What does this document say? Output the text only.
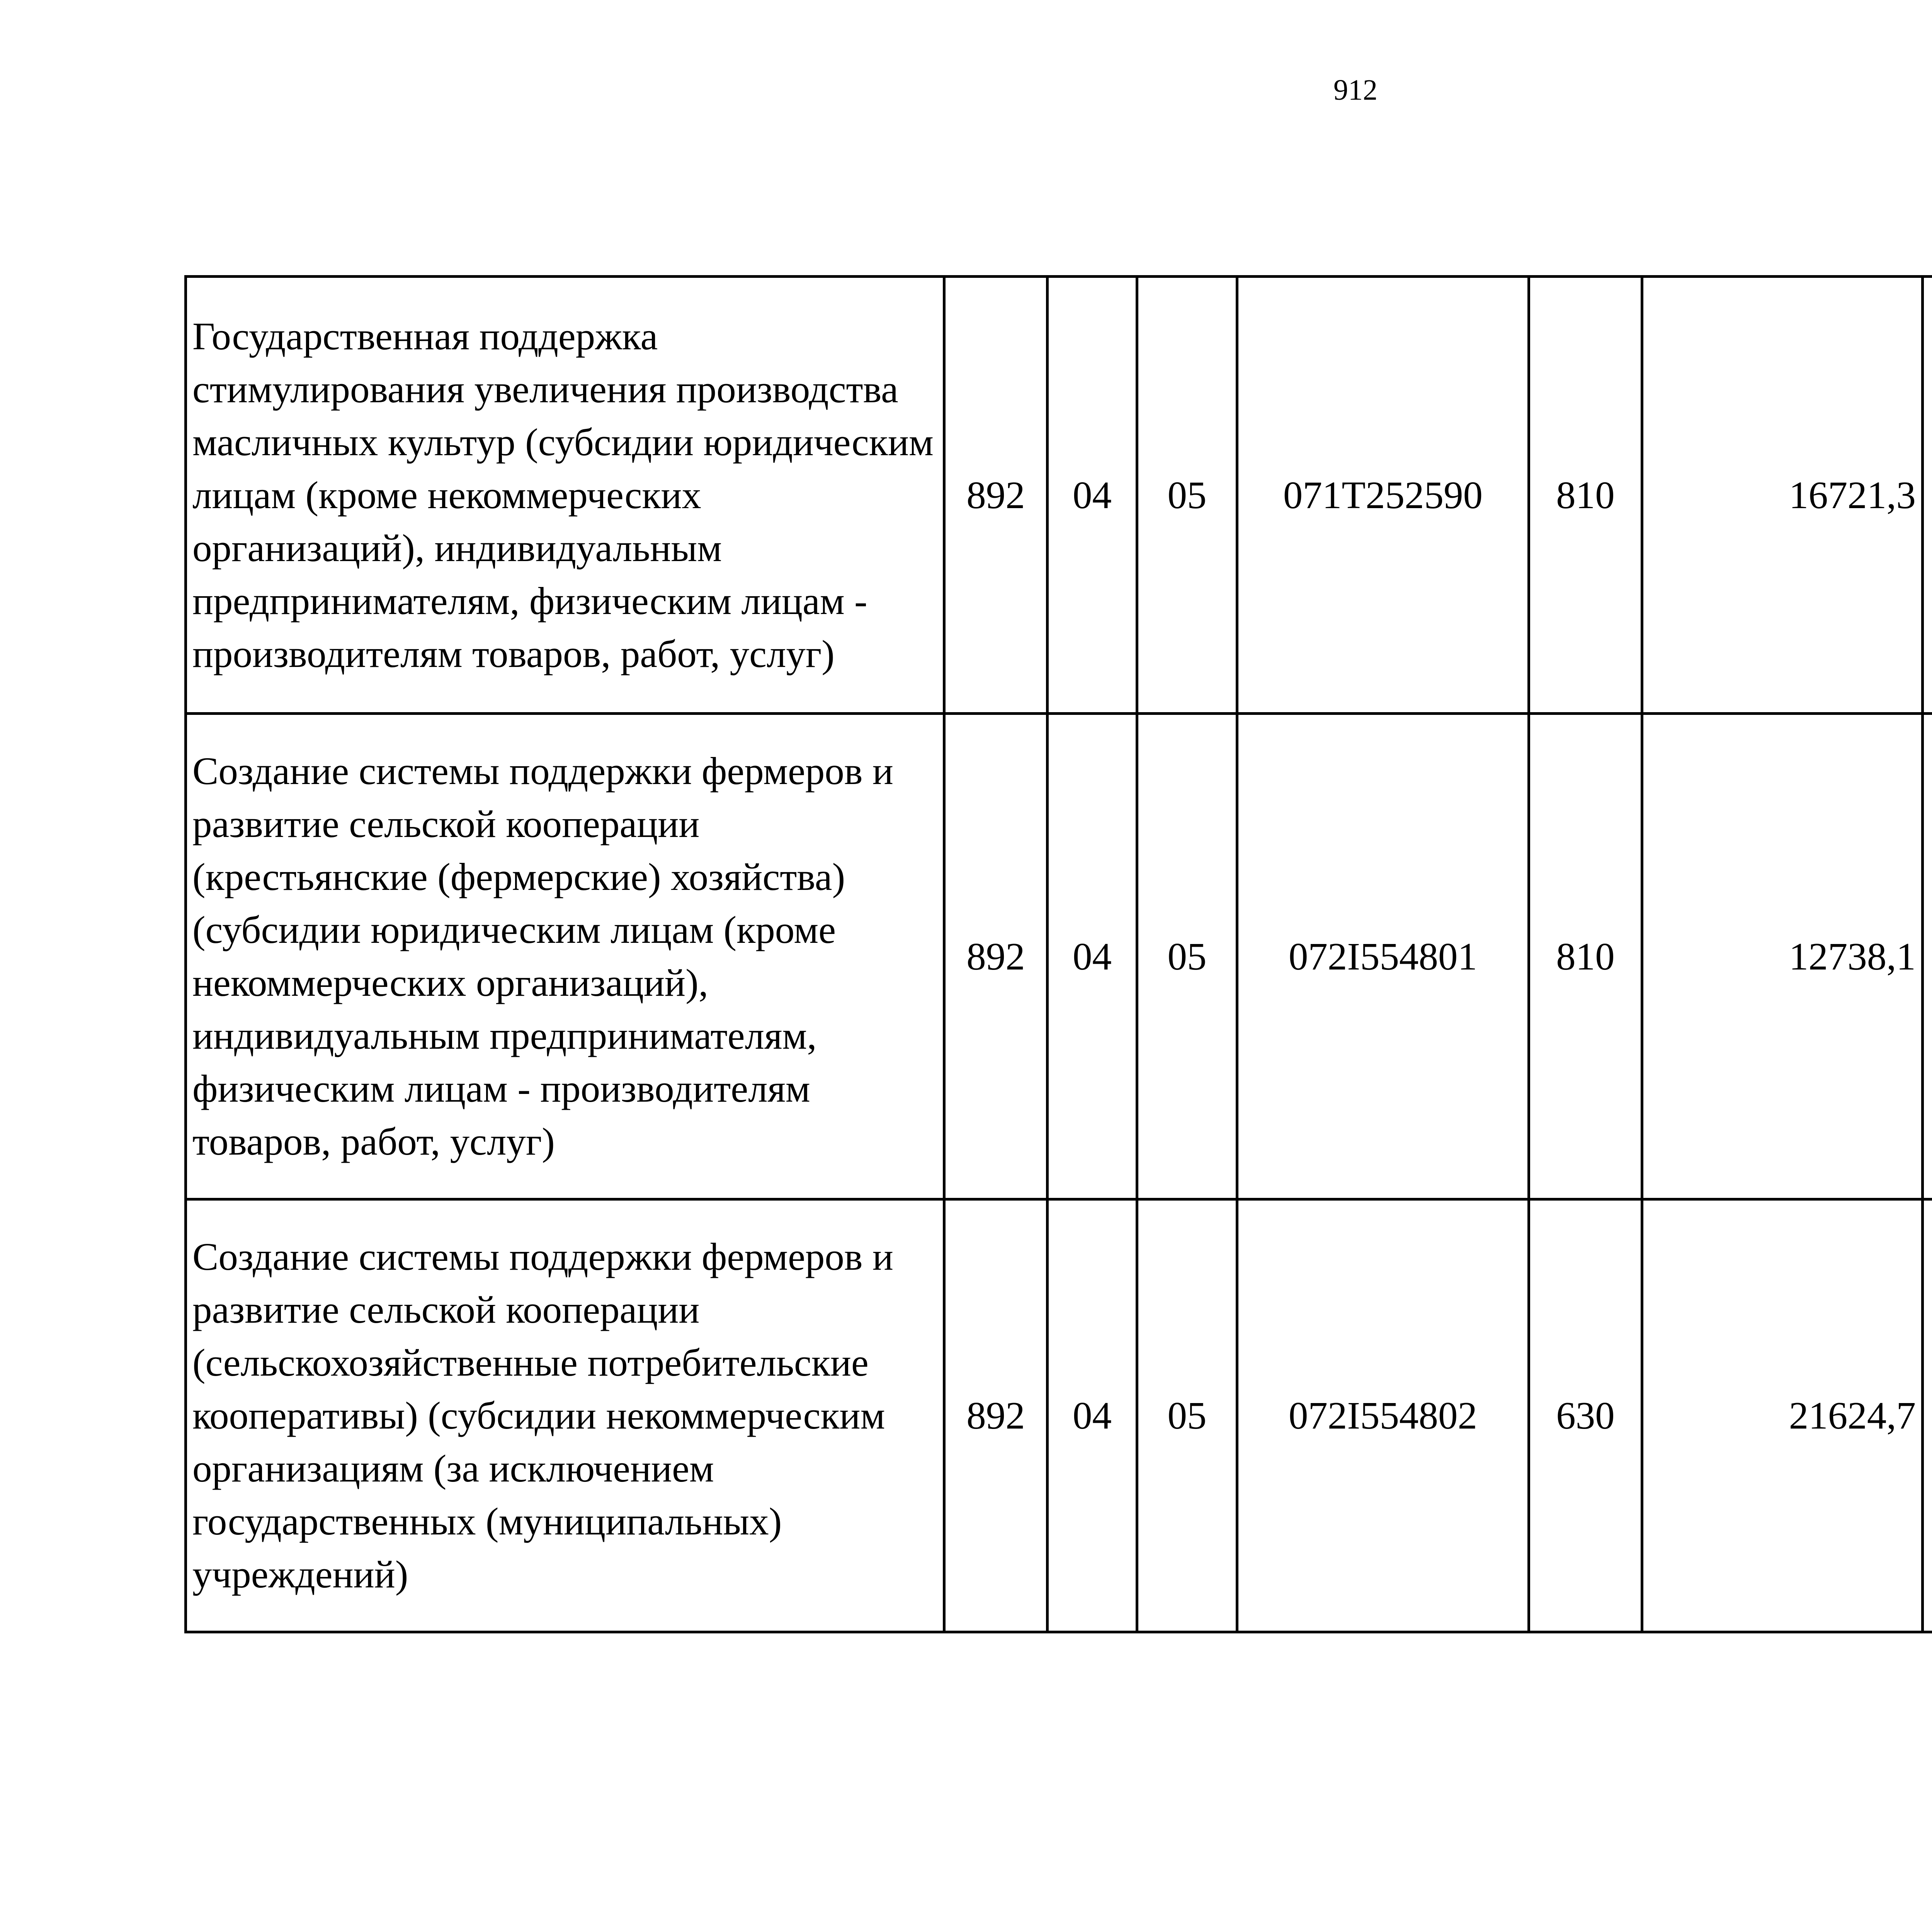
912
Государственная поддержка стимулирования увеличения производства масличных культур (субсидии юридическим лицам (кроме некоммерческих организаций), индивидуальным предпринимателям, физическим лицам - производителям товаров, работ, услуг)	892	04	05	071T252590	810	16721,3		
Создание системы поддержки фермеров и развитие сельской кооперации (крестьянские (фермерские) хозяйства) (субсидии юридическим лицам (кроме некоммерческих организаций), индивидуальным предпринимателям, физическим лицам - производителям товаров, работ, услуг)	892	04	05	072I554801	810	12738,1		
Создание системы поддержки фермеров и развитие сельской кооперации (сельскохозяйственные потребительские кооперативы) (субсидии некоммерческим организациям (за исключением государственных (муниципальных) учреждений)	892	04	05	072I554802	630	21624,7		
